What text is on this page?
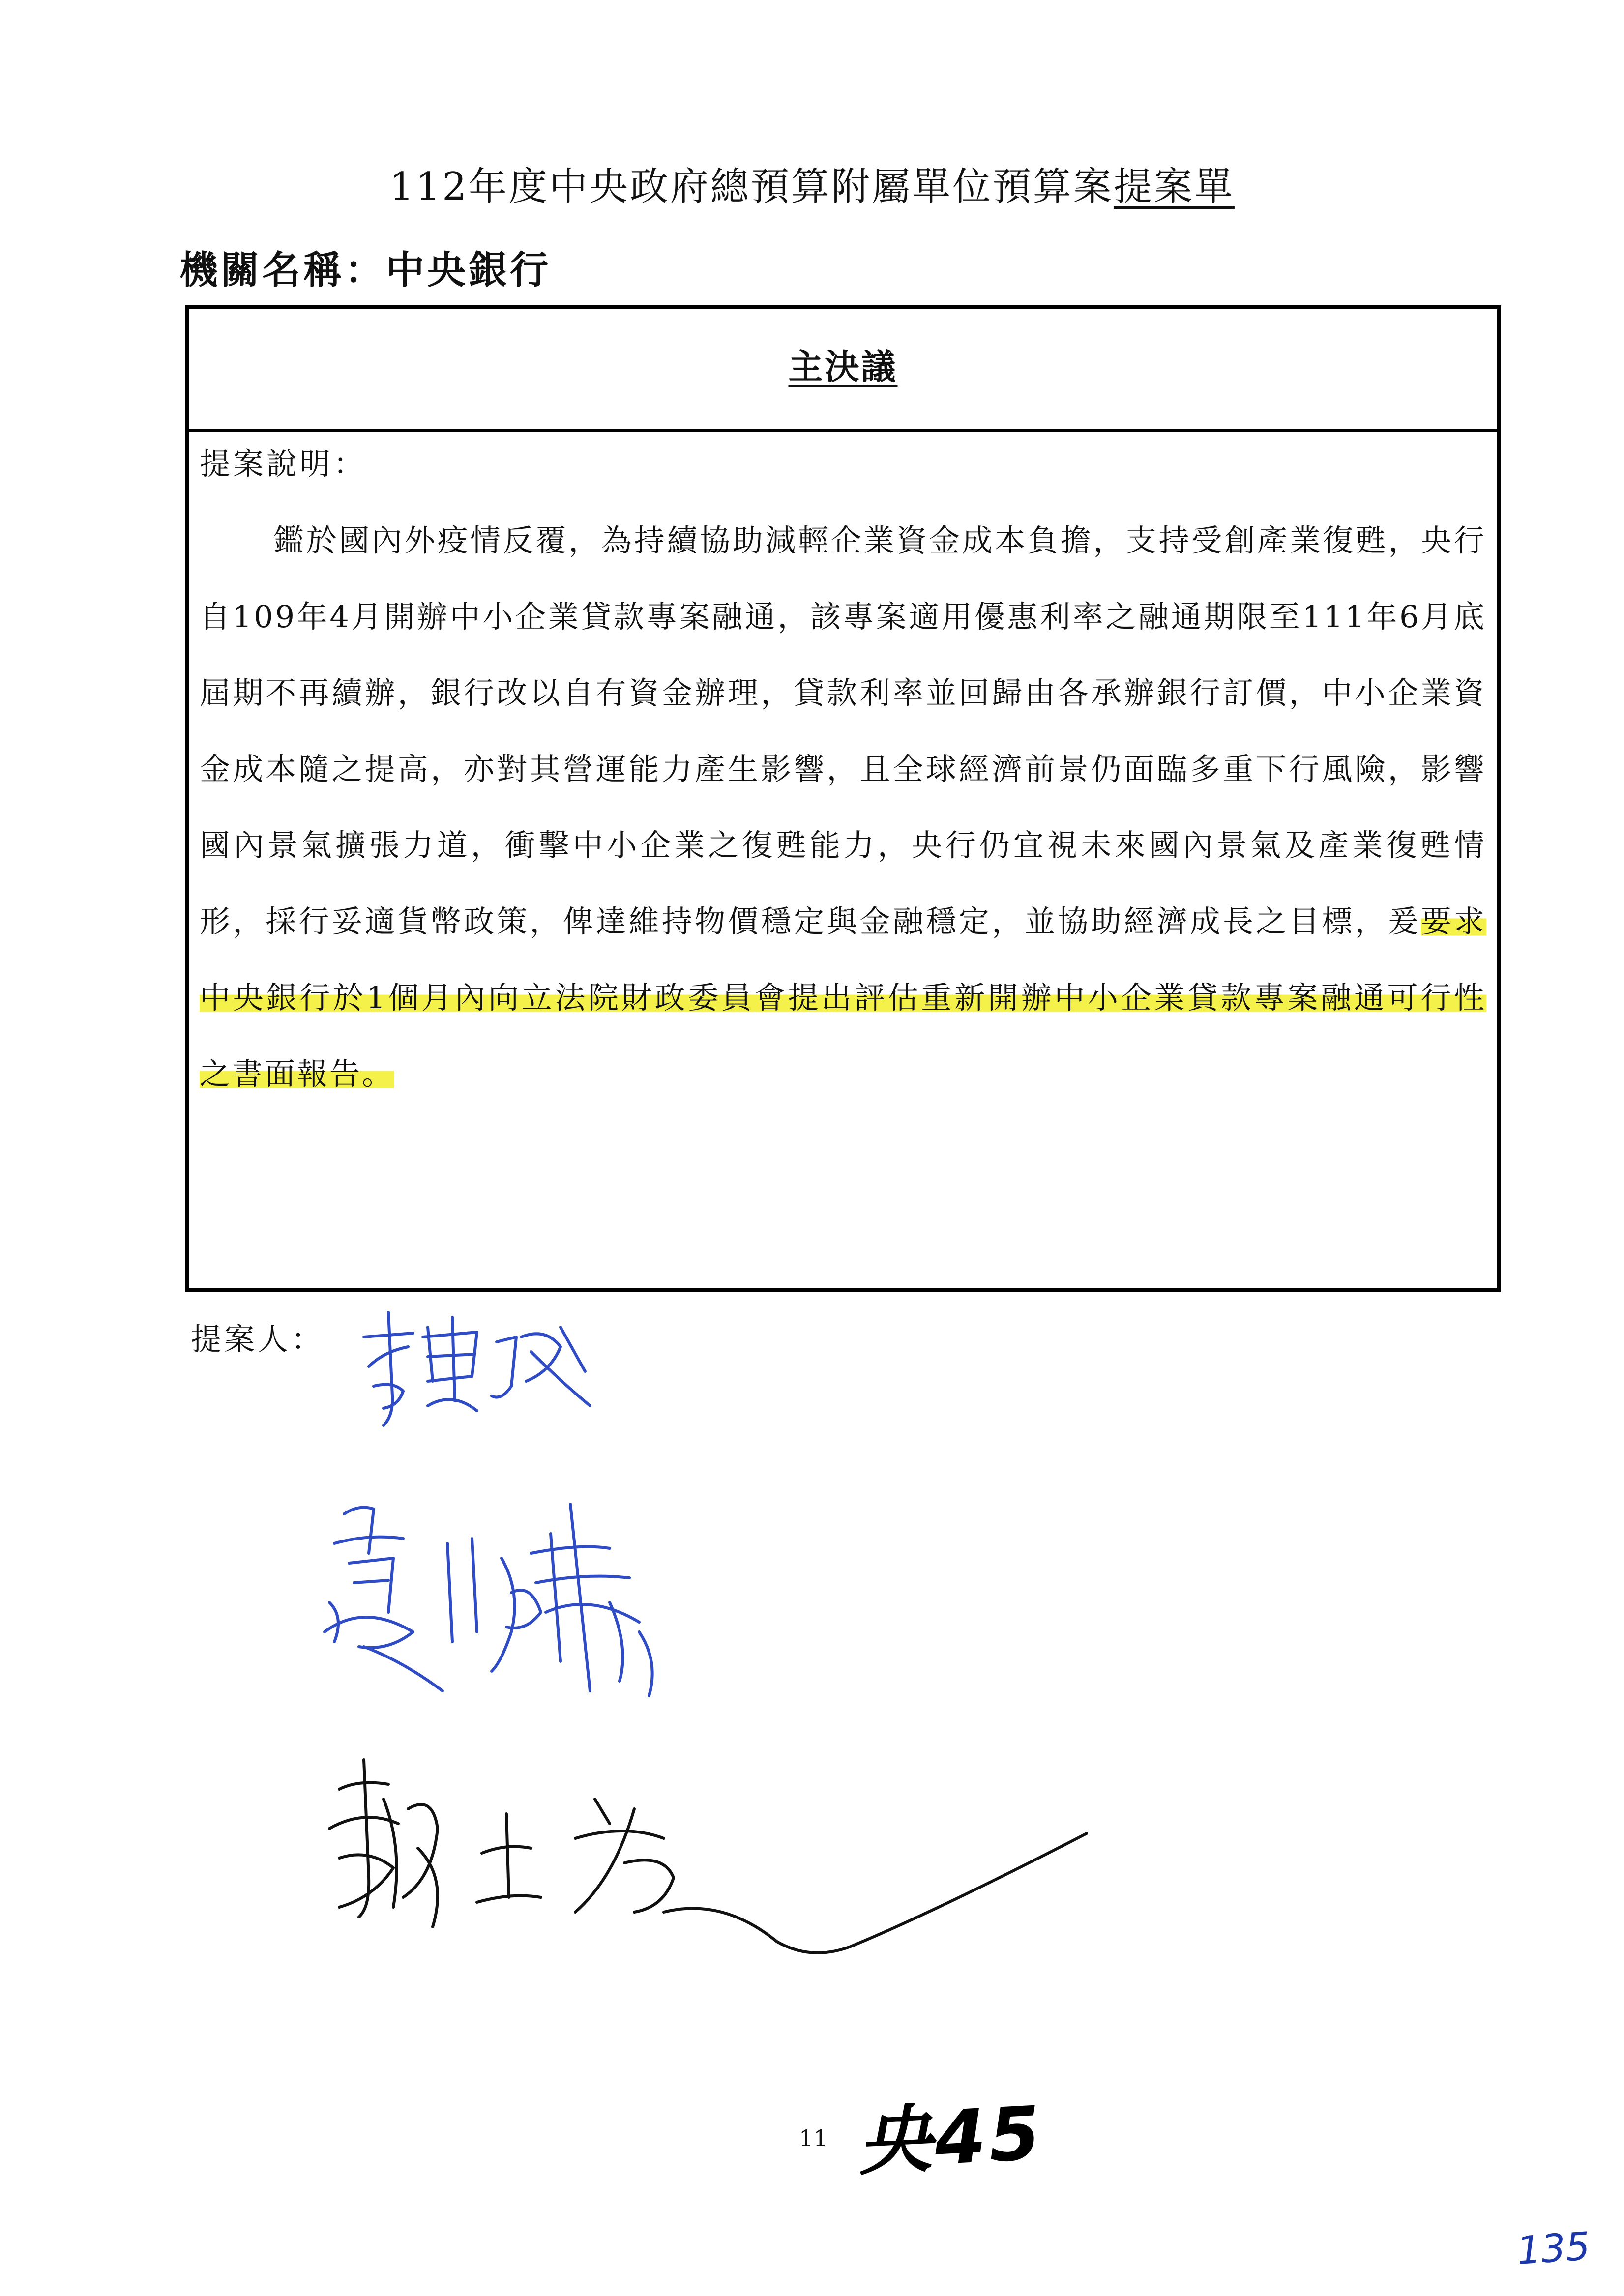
112年度中央政府總預算附屬單位預算案提案單
機關名稱：中央銀行
主決議
提案說明：
鑑於國內外疫情反覆，為持續協助減輕企業資金成本負擔，支持受創產業復甦，央行自109年4月開辦中小企業貸款專案融通，該專案適用優惠利率之融通期限至111年6月底屆期不再續辦，銀行改以自有資金辦理，貸款利率並回歸由各承辦銀行訂價，中小企業資金成本隨之提高，亦對其營運能力產生影響，且全球經濟前景仍面臨多重下行風險，影響國內景氣擴張力道，衝擊中小企業之復甦能力，央行仍宜視未來國內景氣及產業復甦情形，採行妥適貨幣政策，俾達維持物價穩定與金融穩定，並協助經濟成長之目標，爰要求中央銀行於1個月內向立法院財政委員會提出評估重新開辦中小企業貸款專案融通可行性之書面報告。
提案人：
11 央45
135
